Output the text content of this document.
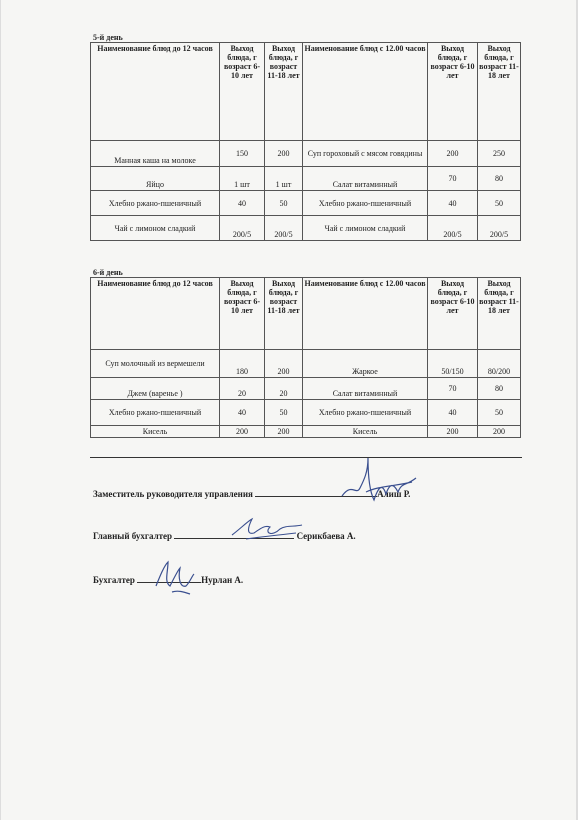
5-й день
Наименование блюд до 12 часов	Выход блюда, г возраст 6-10 лет	Выход блюда, г возраст 11-18 лет	Наименование блюд с 12.00 часов	Выход блюда, г возраст 6-10 лет	Выход блюда, г возраст 11-18 лет
Манная каша на молоке	150	200	Суп гороховый с мясом говядины	200	250
Яйцо	1 шт	1 шт	Салат витаминный	70	80
Хлебно ржано-пшеничный	40	50	Хлебно ржано-пшеничный	40	50
Чай с лимоном сладкий	200/5	200/5	Чай с лимоном сладкий	200/5	200/5
6-й день
Наименование блюд до 12 часов	Выход блюда, г возраст 6-10 лет	Выход блюда, г возраст 11-18 лет	Наименование блюд с 12.00 часов	Выход блюда, г возраст 6-10 лет	Выход блюда, г возраст 11-18 лет
Суп молочный из вермешели	180	200	Жаркое	50/150	80/200
Джем (варенье )	20	20	Салат витаминный	70	80
Хлебно ржано-пшеничный	40	50	Хлебно ржано-пшеничный	40	50
Кисель	200	200	Кисель	200	200
Заместитель руководителя управления	Алиш Р.
Главный бухгалтер	Серикбаева А.
Бухгалтер	Нурлан А.
